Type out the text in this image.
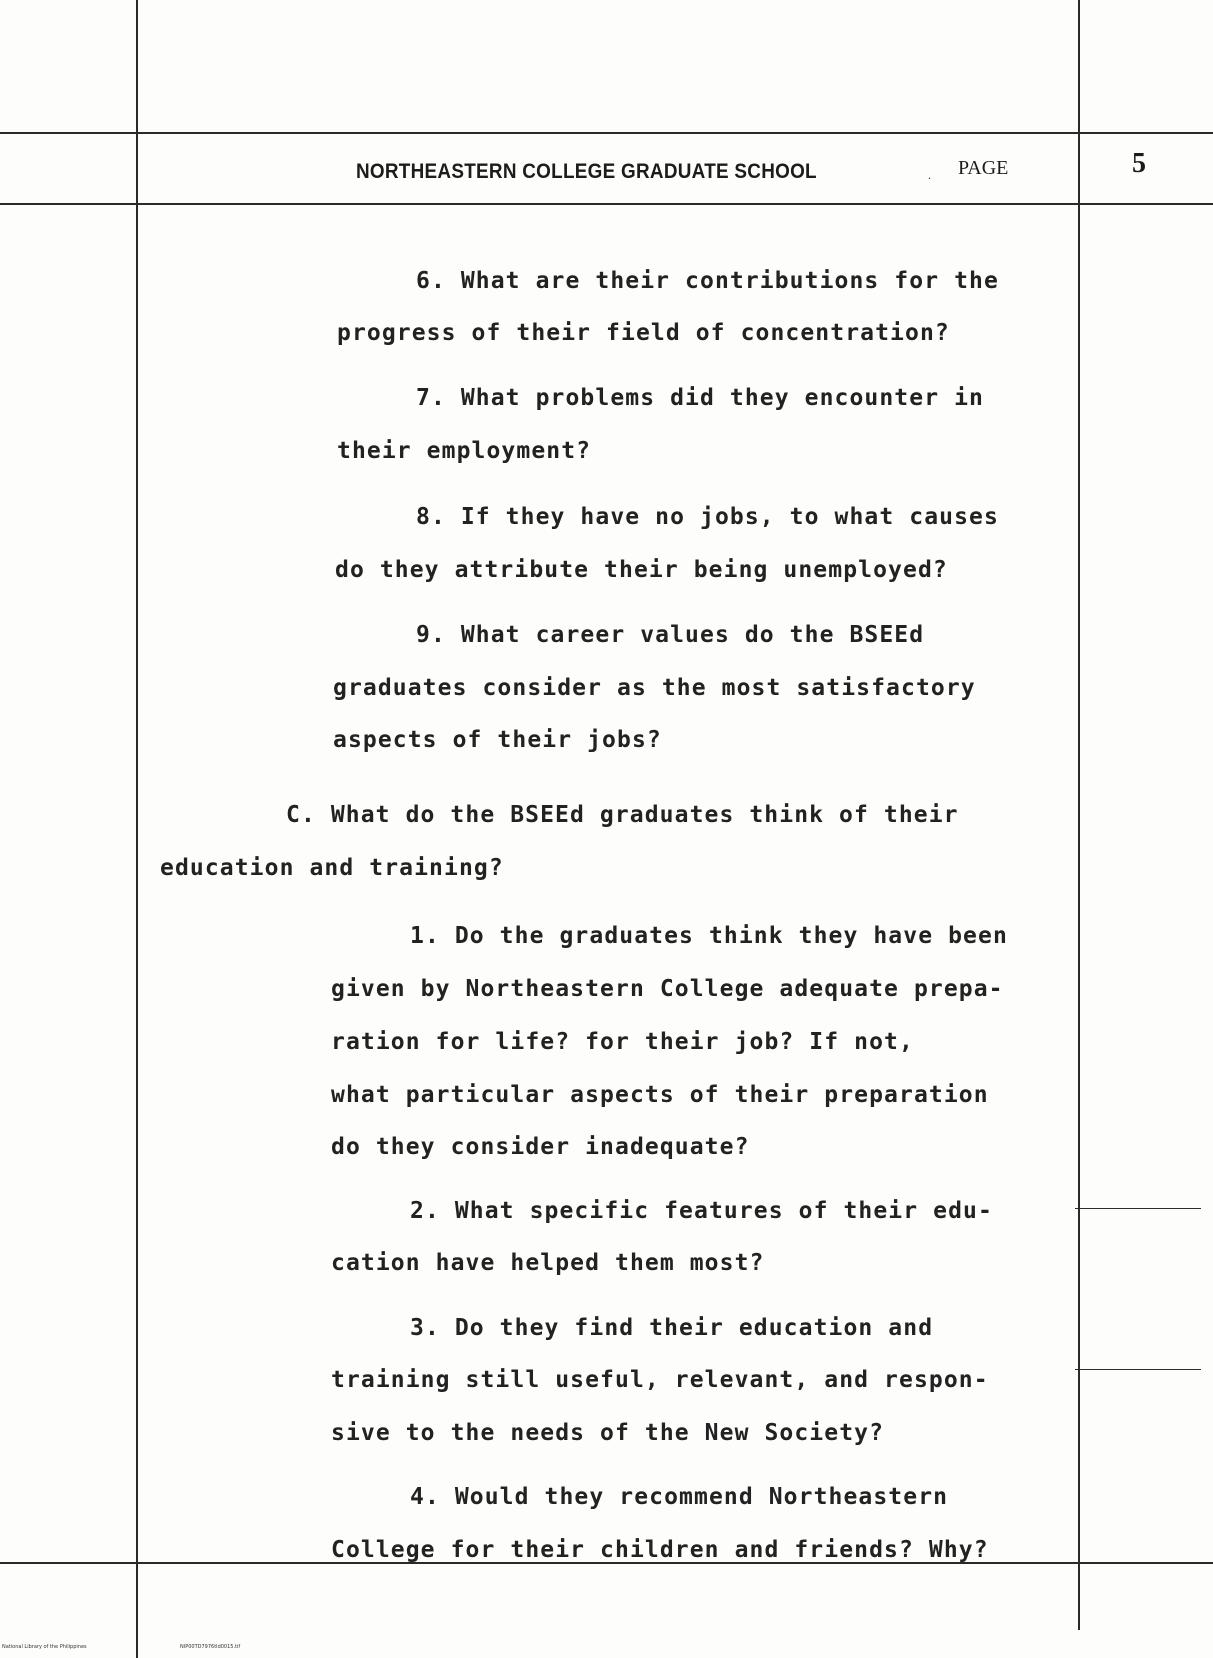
NORTHEASTERN COLLEGE GRADUATE SCHOOL	. PAGE	5
6. What are their contributions for the
progress of their field of concentration?
7. What problems did they encounter in
their employment?
8. If they have no jobs, to what causes
do they attribute their being unemployed?
9. What career values do the BSEEd
graduates consider as the most satisfactory
aspects of their jobs?
C. What do the BSEEd graduates think of their
education and training?
1. Do the graduates think they have been
given by Northeastern College adequate prepa-
ration for life? for their job? If not,
what particular aspects of their preparation
do they consider inadequate?
2. What specific features of their edu-
cation have helped them most?
3. Do they find their education and
training still useful, relevant, and respon-
sive to the needs of the New Society?
4. Would they recommend Northeastern
College for their children and friends? Why?
National Library of the Philippines	NIP00TD7976tld0015.tif
